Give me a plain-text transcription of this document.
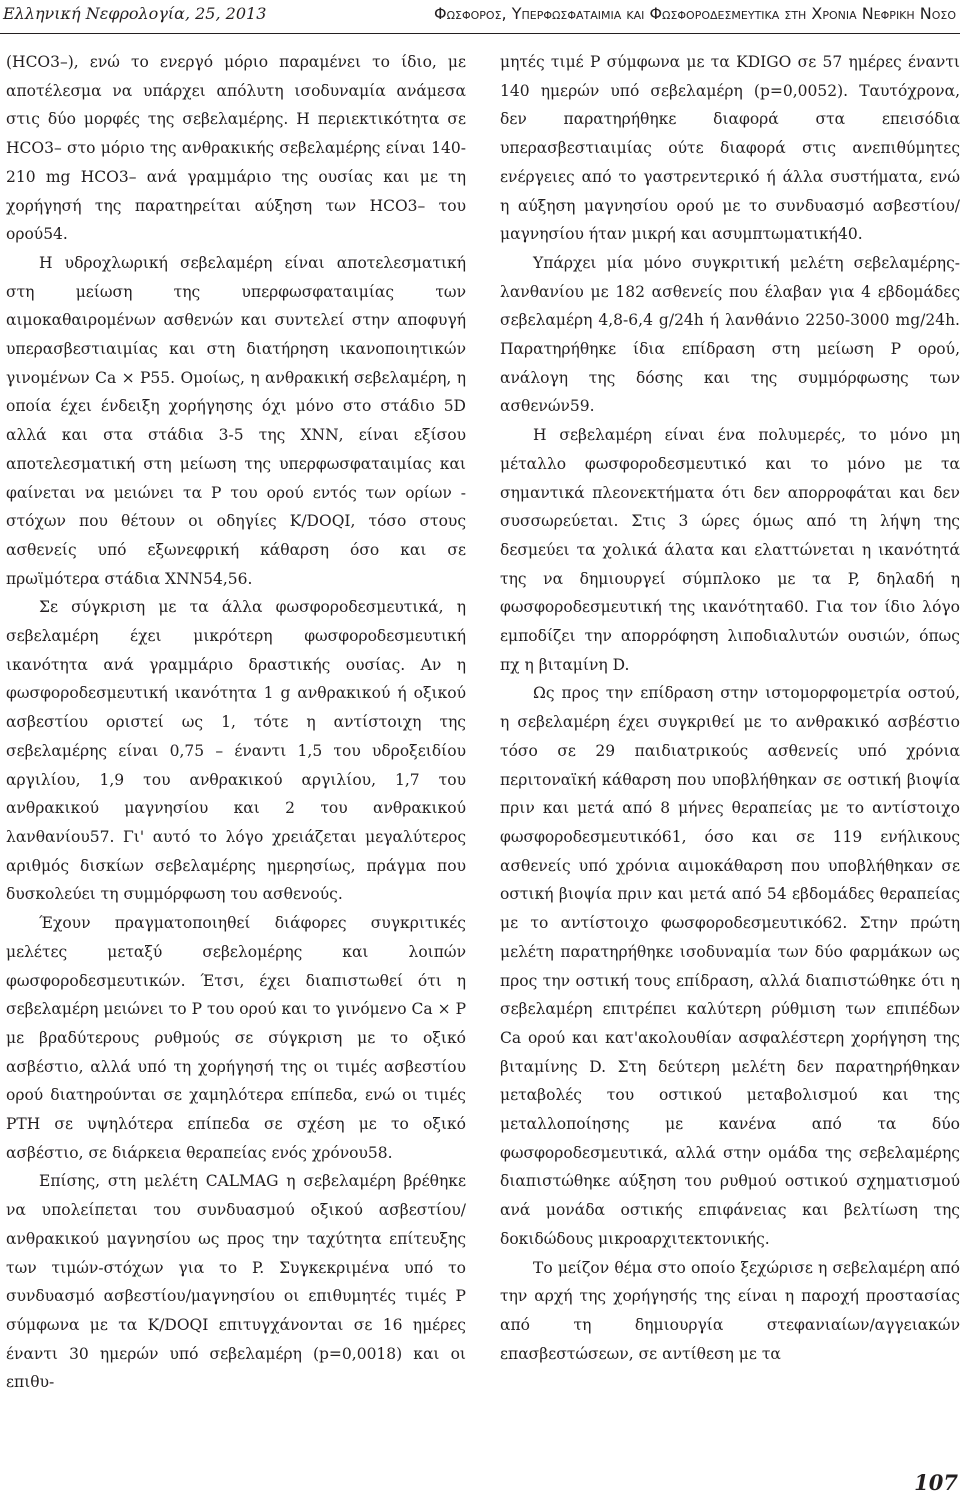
Ελληνική Νεφρολογία, 25, 2013	Φωσφορος, Υπερφωσφαταιμια και Φωσφοροδεσμευτικα στη Χρονια Νεφρικη Νοσο

(HCO3–), ενώ το ενεργό μόριο παραμένει το ίδιο, με αποτέλεσμα να υπάρχει απόλυτη ισοδυναμία ανάμεσα στις δύο μορφές της σεβελαμέρης. Η περιεκτικότητα σε HCO3– στο μόριο της ανθρακικής σεβελαμέρης είναι 140-210 mg HCO3– ανά γραμμάριο της ουσίας και με τη χορήγησή της παρατηρείται αύξηση των HCO3– του ορού54.

Η υδροχλωρική σεβελαμέρη είναι αποτελεσματική στη μείωση της υπερφωσφαταιμίας των αιμοκαθαιρομένων ασθενών και συντελεί στην αποφυγή υπερασβεστιαιμίας και στη διατήρηση ικανοποιητικών γινομένων Ca × P55. Ομοίως, η ανθρακική σεβελαμέρη, η οποία έχει ένδειξη χορήγησης όχι μόνο στο στάδιο 5D αλλά και στα στάδια 3-5 της ΧΝΝ, είναι εξίσου αποτελεσματική στη μείωση της υπερφωσφαταιμίας και φαίνεται να μειώνει τα P του ορού εντός των ορίων - στόχων που θέτουν οι οδηγίες K/DOQI, τόσο στους ασθενείς υπό εξωνεφρική κάθαρση όσο και σε πρωϊμότερα στάδια ΧΝΝ54,56.

Σε σύγκριση με τα άλλα φωσφοροδεσμευτικά, η σεβελαμέρη έχει μικρότερη φωσφοροδεσμευτική ικανότητα ανά γραμμάριο δραστικής ουσίας. Αν η φωσφοροδεσμευτική ικανότητα 1 g ανθρακικού ή οξικού ασβεστίου οριστεί ως 1, τότε η αντίστοιχη της σεβελαμέρης είναι 0,75 – έναντι 1,5 του υδροξειδίου αργιλίου, 1,9 του ανθρακικού αργιλίου, 1,7 του ανθρακικού μαγνησίου και 2 του ανθρακικού λανθανίου57. Γι' αυτό το λόγο χρειάζεται μεγαλύτερος αριθμός δισκίων σεβελαμέρης ημερησίως, πράγμα που δυσκολεύει τη συμμόρφωση του ασθενούς.

Έχουν πραγματοποιηθεί διάφορες συγκριτικές μελέτες μεταξύ σεβελομέρης και λοιπών φωσφοροδεσμευτικών. Έτσι, έχει διαπιστωθεί ότι η σεβελαμέρη μειώνει το P του ορού και το γινόμενο Ca × P με βραδύτερους ρυθμούς σε σύγκριση με το οξικό ασβέστιο, αλλά υπό τη χορήγησή της οι τιμές ασβεστίου ορού διατηρούνται σε χαμηλότερα επίπεδα, ενώ οι τιμές PTH σε υψηλότερα επίπεδα σε σχέση με το οξικό ασβέστιο, σε διάρκεια θεραπείας ενός χρόνου58.

Επίσης, στη μελέτη CALMAG η σεβελαμέρη βρέθηκε να υπολείπεται του συνδυασμού οξικού ασβεστίου/ανθρακικού μαγνησίου ως προς την ταχύτητα επίτευξης των τιμών-στόχων για το P. Συγκεκριμένα υπό το συνδυασμό ασβεστίου/μαγνησίου οι επιθυμητές τιμές P σύμφωνα με τα K/DOQI επιτυγχάνονται σε 16 ημέρες έναντι 30 ημερών υπό σεβελαμέρη (p=0,0018) και οι επιθυ-

μητές τιμέ P σύμφωνα με τα KDIGO σε 57 ημέρες έναντι 140 ημερών υπό σεβελαμέρη (p=0,0052). Ταυτόχρονα, δεν παρατηρήθηκε διαφορά στα επεισόδια υπερασβεστιαιμίας ούτε διαφορά στις ανεπιθύμητες ενέργειες από το γαστρεντερικό ή άλλα συστήματα, ενώ η αύξηση μαγνησίου ορού με το συνδυασμό ασβεστίου/μαγνησίου ήταν μικρή και ασυμπτωματική40.

Υπάρχει μία μόνο συγκριτική μελέτη σεβελαμέρης-λανθανίου με 182 ασθενείς που έλαβαν για 4 εβδομάδες σεβελαμέρη 4,8-6,4 g/24h ή λανθάνιο 2250-3000 mg/24h. Παρατηρήθηκε ίδια επίδραση στη μείωση P ορού, ανάλογη της δόσης και της συμμόρφωσης των ασθενών59.

Η σεβελαμέρη είναι ένα πολυμερές, το μόνο μη μέταλλο φωσφοροδεσμευτικό και το μόνο με τα σημαντικά πλεονεκτήματα ότι δεν απορροφάται και δεν συσσωρεύεται. Στις 3 ώρες όμως από τη λήψη της δεσμεύει τα χολικά άλατα και ελαττώνεται η ικανότητά της να δημιουργεί σύμπλοκο με τα P, δηλαδή η φωσφοροδεσμευτική της ικανότητα60. Για τον ίδιο λόγο εμποδίζει την απορρόφηση λιποδιαλυτών ουσιών, όπως πχ η βιταμίνη D.

Ως προς την επίδραση στην ιστομορφομετρία οστού, η σεβελαμέρη έχει συγκριθεί με το ανθρακικό ασβέστιο τόσο σε 29 παιδιατρικούς ασθενείς υπό χρόνια περιτοναϊκή κάθαρση που υποβλήθηκαν σε οστική βιοψία πριν και μετά από 8 μήνες θεραπείας με το αντίστοιχο φωσφοροδεσμευτικό61, όσο και σε 119 ενήλικους ασθενείς υπό χρόνια αιμοκάθαρση που υποβλήθηκαν σε οστική βιοψία πριν και μετά από 54 εβδομάδες θεραπείας με το αντίστοιχο φωσφοροδεσμευτικό62. Στην πρώτη μελέτη παρατηρήθηκε ισοδυναμία των δύο φαρμάκων ως προς την οστική τους επίδραση, αλλά διαπιστώθηκε ότι η σεβελαμέρη επιτρέπει καλύτερη ρύθμιση των επιπέδων Ca ορού και κατ'ακολουθίαν ασφαλέστερη χορήγηση της βιταμίνης D. Στη δεύτερη μελέτη δεν παρατηρήθηκαν μεταβολές του οστικού μεταβολισμού και της μεταλλοποίησης με κανένα από τα δύο φωσφοροδεσμευτικά, αλλά στην ομάδα της σεβελαμέρης διαπιστώθηκε αύξηση του ρυθμού οστικού σχηματισμού ανά μονάδα οστικής επιφάνειας και βελτίωση της δοκιδώδους μικροαρχιτεκτονικής.

Το μείζον θέμα στο οποίο ξεχώρισε η σεβελαμέρη από την αρχή της χορήγησής της είναι η παροχή προστασίας από τη δημιουργία στεφανιαίων/αγγειακών επασβεστώσεων, σε αντίθεση με τα

107
